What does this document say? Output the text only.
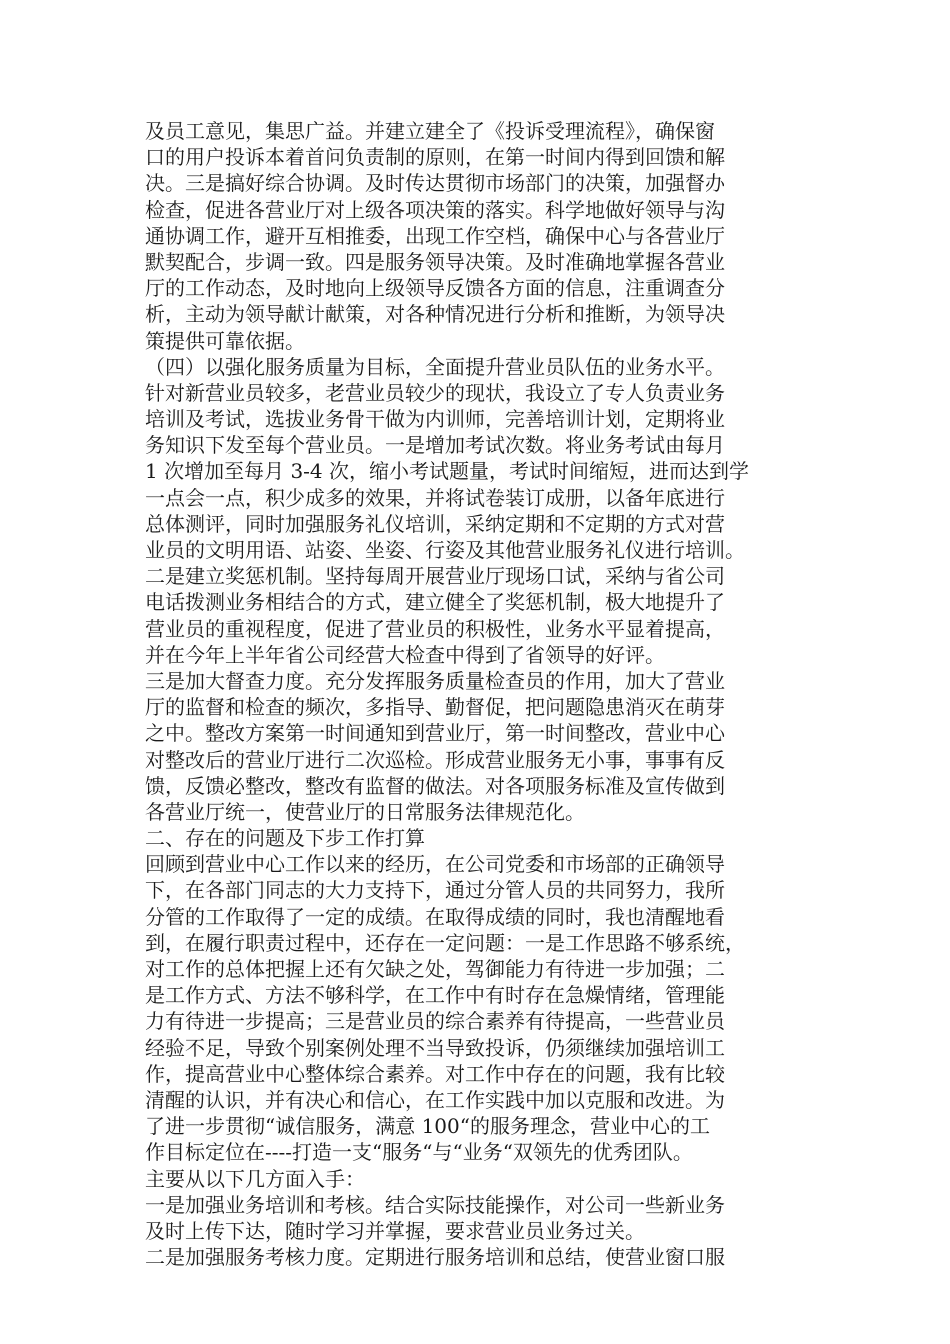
及员工意见，集思广益。并建立建全了《投诉受理流程》，确保窗
口的用户投诉本着首问负责制的原则，在第一时间内得到回馈和解
决。三是搞好综合协调。及时传达贯彻市场部门的决策，加强督办
检查，促进各营业厅对上级各项决策的落实。科学地做好领导与沟
通协调工作，避开互相推委，出现工作空档，确保中心与各营业厅
默契配合，步调一致。四是服务领导决策。及时准确地掌握各营业
厅的工作动态，及时地向上级领导反馈各方面的信息，注重调查分
析，主动为领导献计献策，对各种情况进行分析和推断，为领导决
策提供可靠依据。
（四）以强化服务质量为目标，全面提升营业员队伍的业务水平。
针对新营业员较多，老营业员较少的现状，我设立了专人负责业务
培训及考试，选拔业务骨干做为内训师，完善培训计划，定期将业
务知识下发至每个营业员。一是增加考试次数。将业务考试由每月
1 次增加至每月 3-4 次，缩小考试题量，考试时间缩短，进而达到学
一点会一点，积少成多的效果，并将试卷装订成册，以备年底进行
总体测评，同时加强服务礼仪培训，采纳定期和不定期的方式对营
业员的文明用语、站姿、坐姿、行姿及其他营业服务礼仪进行培训。
二是建立奖惩机制。坚持每周开展营业厅现场口试，采纳与省公司
电话拨测业务相结合的方式，建立健全了奖惩机制，极大地提升了
营业员的重视程度，促进了营业员的积极性，业务水平显着提高，
并在今年上半年省公司经营大检查中得到了省领导的好评。
三是加大督查力度。充分发挥服务质量检查员的作用，加大了营业
厅的监督和检查的频次，多指导、勤督促，把问题隐患消灭在萌芽
之中。整改方案第一时间通知到营业厅，第一时间整改，营业中心
对整改后的营业厅进行二次巡检。形成营业服务无小事，事事有反
馈，反馈必整改，整改有监督的做法。对各项服务标准及宣传做到
各营业厅统一，使营业厅的日常服务法律规范化。
二、存在的问题及下步工作打算
回顾到营业中心工作以来的经历，在公司党委和市场部的正确领导
下，在各部门同志的大力支持下，通过分管人员的共同努力，我所
分管的工作取得了一定的成绩。在取得成绩的同时，我也清醒地看
到，在履行职责过程中，还存在一定问题：一是工作思路不够系统，
对工作的总体把握上还有欠缺之处，驾御能力有待进一步加强；二
是工作方式、方法不够科学，在工作中有时存在急燥情绪，管理能
力有待进一步提高；三是营业员的综合素养有待提高，一些营业员
经验不足，导致个别案例处理不当导致投诉，仍须继续加强培训工
作，提高营业中心整体综合素养。对工作中存在的问题，我有比较
清醒的认识，并有决心和信心，在工作实践中加以克服和改进。为
了进一步贯彻“诚信服务，满意 100“的服务理念，营业中心的工
作目标定位在----打造一支“服务“与“业务“双领先的优秀团队。
主要从以下几方面入手：
一是加强业务培训和考核。结合实际技能操作，对公司一些新业务
及时上传下达，随时学习并掌握，要求营业员业务过关。
二是加强服务考核力度。定期进行服务培训和总结，使营业窗口服
